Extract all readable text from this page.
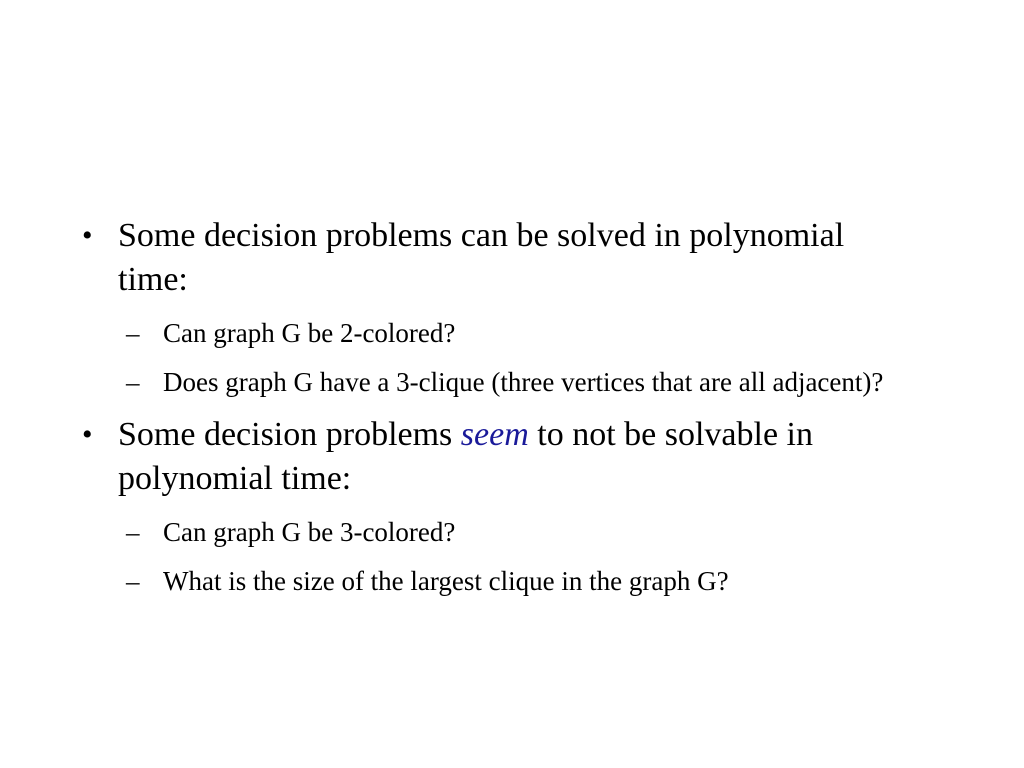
• Some decision problems can be solved in polynomial time:
– Can graph G be 2-colored?
– Does graph G have a 3-clique (three vertices that are all adjacent)?
• Some decision problems seem to not be solvable in polynomial time:
– Can graph G be 3-colored?
– What is the size of the largest clique in the graph G?
